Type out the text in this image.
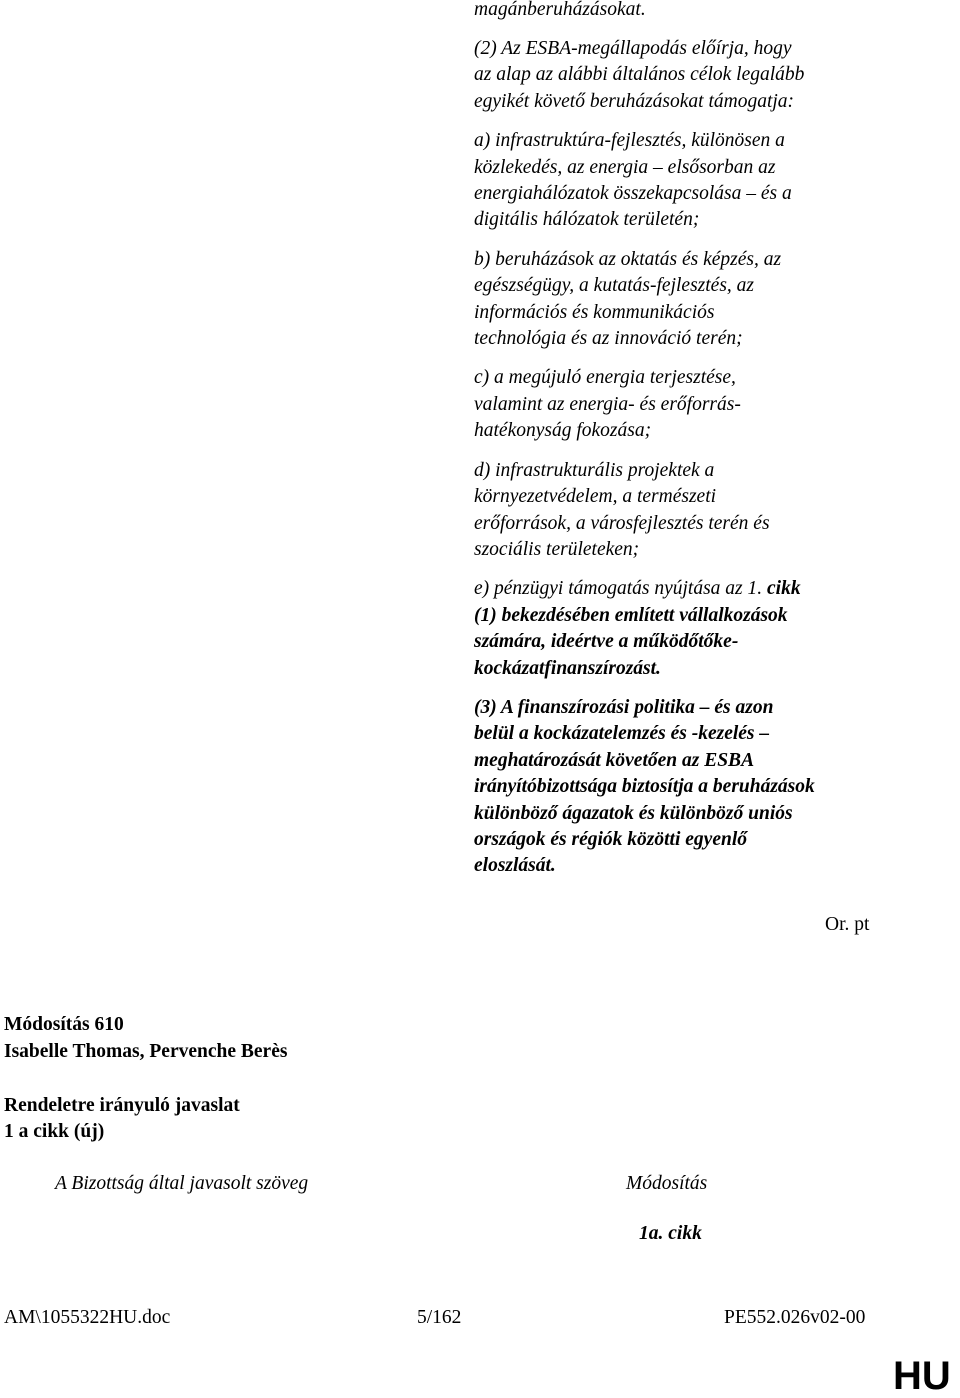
magánberuházásokat.

(2) Az ESBA-megállapodás előírja, hogy
az alap az alábbi általános célok legalább
egyikét követő beruházásokat támogatja:

a) infrastruktúra-fejlesztés, különösen a
közlekedés, az energia – elsősorban az
energiahálózatok összekapcsolása – és a
digitális hálózatok területén;

b) beruházások az oktatás és képzés, az
egészségügy, a kutatás-fejlesztés, az
információs és kommunikációs
technológia és az innováció terén;

c) a megújuló energia terjesztése,
valamint az energia- és erőforrás-
hatékonyság fokozása;

d) infrastrukturális projektek a
környezetvédelem, a természeti
erőforrások, a városfejlesztés terén és
szociális területeken;

e) pénzügyi támogatás nyújtása az 1. cikk
(1) bekezdésében említett vállalkozások
számára, ideértve a működőtőke-
kockázatfinanszírozást.

(3) A finanszírozási politika – és azon
belül a kockázatelemzés és -kezelés –
meghatározását követően az ESBA
irányítóbizottsága biztosítja a beruházások
különböző ágazatok és különböző uniós
országok és régiók közötti egyenlő
eloszlását.

Or. pt
Módosítás 610
Isabelle Thomas, Pervenche Berès
Rendeletre irányuló javaslat
1 a cikk (új)
A Bizottság által javasolt szöveg	Módosítás
1a. cikk
AM\1055322HU.doc	5/162	PE552.026v02-00
HU
